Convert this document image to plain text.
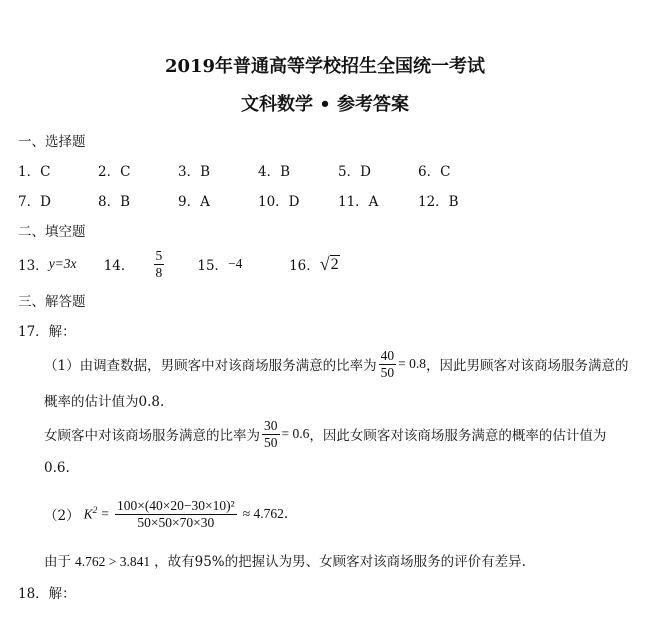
2019年普通高等学校招生全国统一考试
文科数学 • 参考答案
一、选择题
1．C	2．C	3．B	4．B	5．D	6．C
7．D	8．B	9．A	10．D	11．A	12．B
二、填空题
13． y=3x	14． $\frac{5}{8} 15$． −4	16． √ 2
三、解答题
17．解：
（1）由调查数据，男顾客中对该商场服务满意的比率为 $\frac{40}{50} = 0.8$ ，因此男顾客对该商场服务满意的
概率的估计值为0.8.
女顾客中对该商场服务满意的比率为 $\frac{30}{50} = 0.6$ ，因此女顾客对该商场服务满意的概率的估计值为
0.6.
（2） $K^2 = \frac{\text{100×(40×20−30×10)²}}{50\times 50\times 70\times 30} \approx 4.762$ .
由于 4.762 > 3.841 ，故有95%的把握认为男、女顾客对该商场服务的评价有差异.
18．解：
